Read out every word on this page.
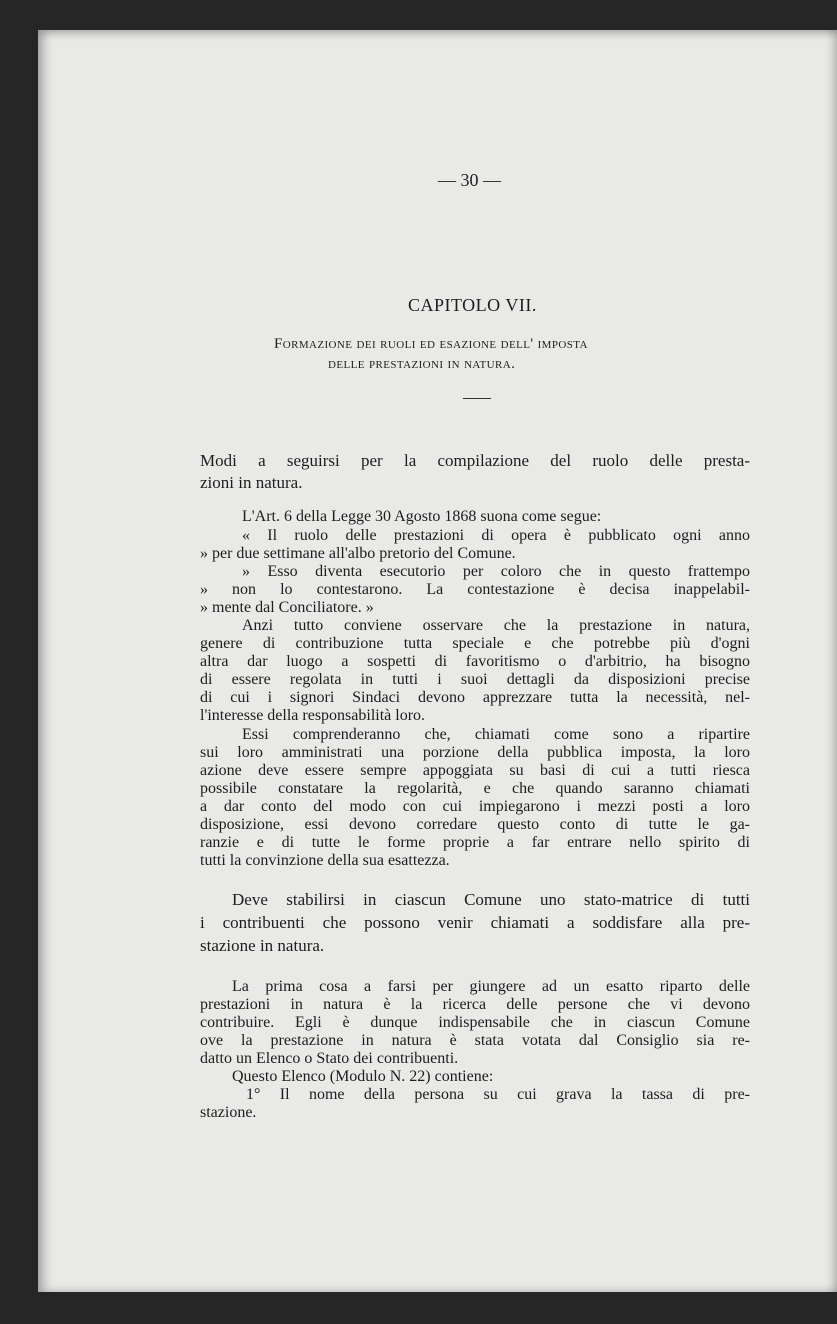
— 30 —
CAPITOLO VII.
Formazione dei ruoli ed esazione dell' imposta
delle prestazioni in natura.
Modi a seguirsi per la compilazione del ruolo delle presta-
zioni in natura.
L'Art. 6 della Legge 30 Agosto 1868 suona come segue:
« Il ruolo delle prestazioni di opera è pubblicato ogni anno
» per due settimane all'albo pretorio del Comune.
» Esso diventa esecutorio per coloro che in questo frattempo
» non lo contestarono. La contestazione è decisa inappelabil-
» mente dal Conciliatore. »
Anzi tutto conviene osservare che la prestazione in natura,
genere di contribuzione tutta speciale e che potrebbe più d'ogni
altra dar luogo a sospetti di favoritismo o d'arbitrio, ha bisogno
di essere regolata in tutti i suoi dettagli da disposizioni precise
di cui i signori Sindaci devono apprezzare tutta la necessità, nel-
l'interesse della responsabilità loro.
Essi comprenderanno che, chiamati come sono a ripartire
sui loro amministrati una porzione della pubblica imposta, la loro
azione deve essere sempre appoggiata su basi di cui a tutti riesca
possibile constatare la regolarità, e che quando saranno chiamati
a dar conto del modo con cui impiegarono i mezzi posti a loro
disposizione, essi devono corredare questo conto di tutte le ga-
ranzie e di tutte le forme proprie a far entrare nello spirito di
tutti la convinzione della sua esattezza.
Deve stabilirsi in ciascun Comune uno stato-matrice di tutti
i contribuenti che possono venir chiamati a soddisfare alla pre-
stazione in natura.
La prima cosa a farsi per giungere ad un esatto riparto delle
prestazioni in natura è la ricerca delle persone che vi devono
contribuire. Egli è dunque indispensabile che in ciascun Comune
ove la prestazione in natura è stata votata dal Consiglio sia re-
datto un Elenco o Stato dei contribuenti.
Questo Elenco (Modulo N. 22) contiene:
1° Il nome della persona su cui grava la tassa di pre-
stazione.
